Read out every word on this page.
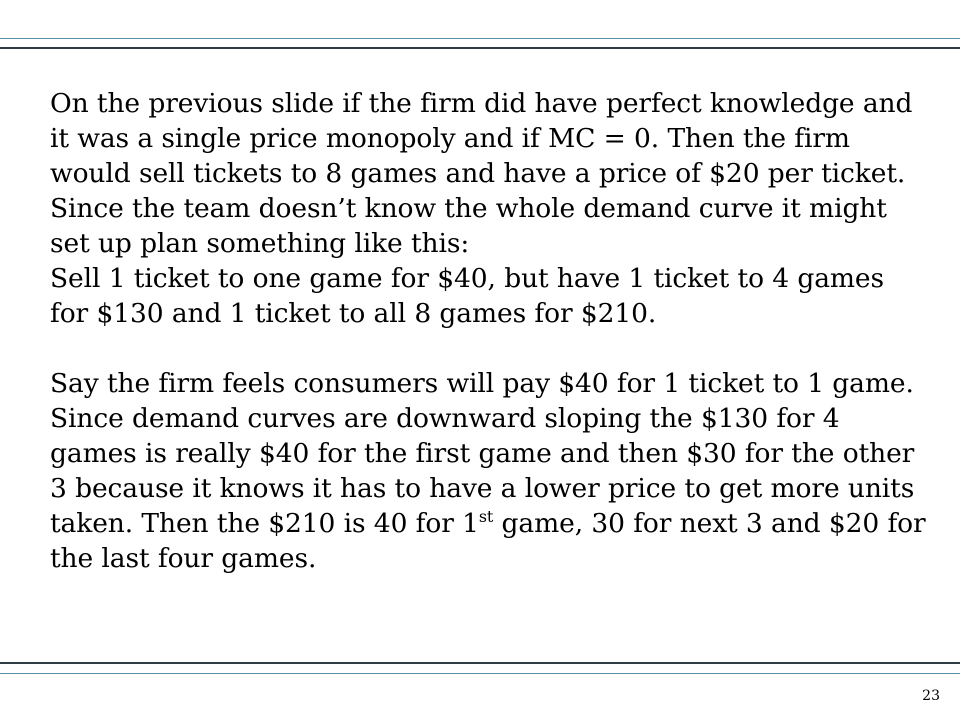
On the previous slide if the firm did have perfect knowledge and it was a single price monopoly and if MC = 0. Then the firm would sell tickets to 8 games and have a price of $20 per ticket.

Since the team doesn’t know the whole demand curve it might set up plan something like this:

Sell 1 ticket to one game for $40, but have 1 ticket to 4 games for $130 and 1 ticket to all 8 games for $210.

Say the firm feels consumers will pay $40 for 1 ticket to 1 game. Since demand curves are downward sloping the $130 for 4 games is really $40 for the first game and then $30 for the other 3 because it knows it has to have a lower price to get more units taken. Then the $210 is 40 for 1st game, 30 for next 3 and $20 for the last four games.

23
